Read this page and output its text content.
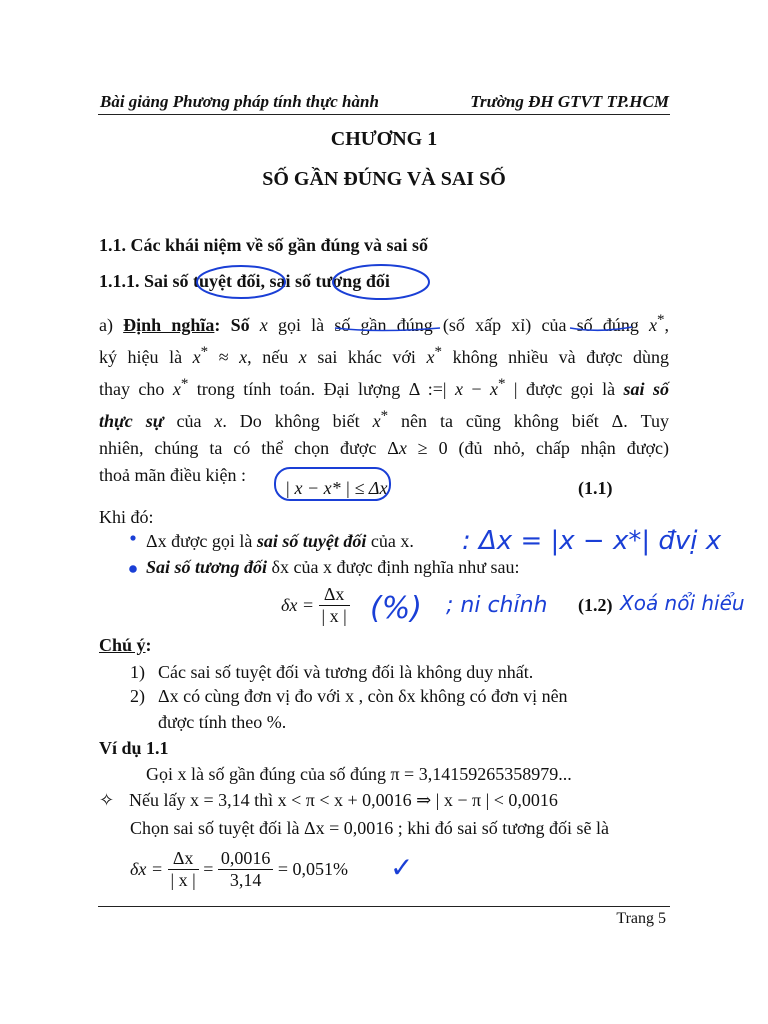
Bài giảng Phương pháp tính thực hành	Trường ĐH GTVT TP.HCM
CHƯƠNG 1
SỐ GẦN ĐÚNG VÀ SAI SỐ
1.1. Các khái niệm về số gần đúng và sai số
1.1.1. Sai số tuyệt đối, sai số tương đối
a) Định nghĩa: Số x gọi là số gần đúng (số xấp xỉ) của số đúng x*,
ký hiệu là x* ≈ x, nếu x sai khác với x* không nhiều và được dùng
thay cho x* trong tính toán. Đại lượng Δ :=| x − x* | được gọi là sai số
thực sự của x. Do không biết x* nên ta cũng không biết Δ. Tuy
nhiên, chúng ta có thể chọn được Δx ≥ 0 (đủ nhỏ, chấp nhận được)
thoả mãn điều kiện :
| x − x* | ≤ Δx	(1.1)
Khi đó:
Δx được gọi là sai số tuyệt đối của x.
Sai số tương đối δx của x được định nghĩa như sau:
$\delta x = \frac{\Delta x}{| x |}$	(1.2)
Chú ý:
1) Các sai số tuyệt đối và tương đối là không duy nhất.
2) Δx có cùng đơn vị đo với x , còn δx không có đơn vị nên
được tính theo %.
Ví dụ 1.1
Gọi x là số gần đúng của số đúng π = 3,14159265358979...
✧ Nếu lấy x = 3,14 thì x < π < x + 0,0016 ⇒ | x − π | < 0,0016
Chọn sai số tuyệt đối là Δx = 0,0016 ; khi đó sai số tương đối sẽ là
$\delta x = \frac{\Delta x}{| x |} = \frac{0,0016}{3,14} = 0,051\%$
Trang 5
: Δx = |x − x*| đvị x
(%) ; ni chỉnh	Xoá nổi hiểu
✓
